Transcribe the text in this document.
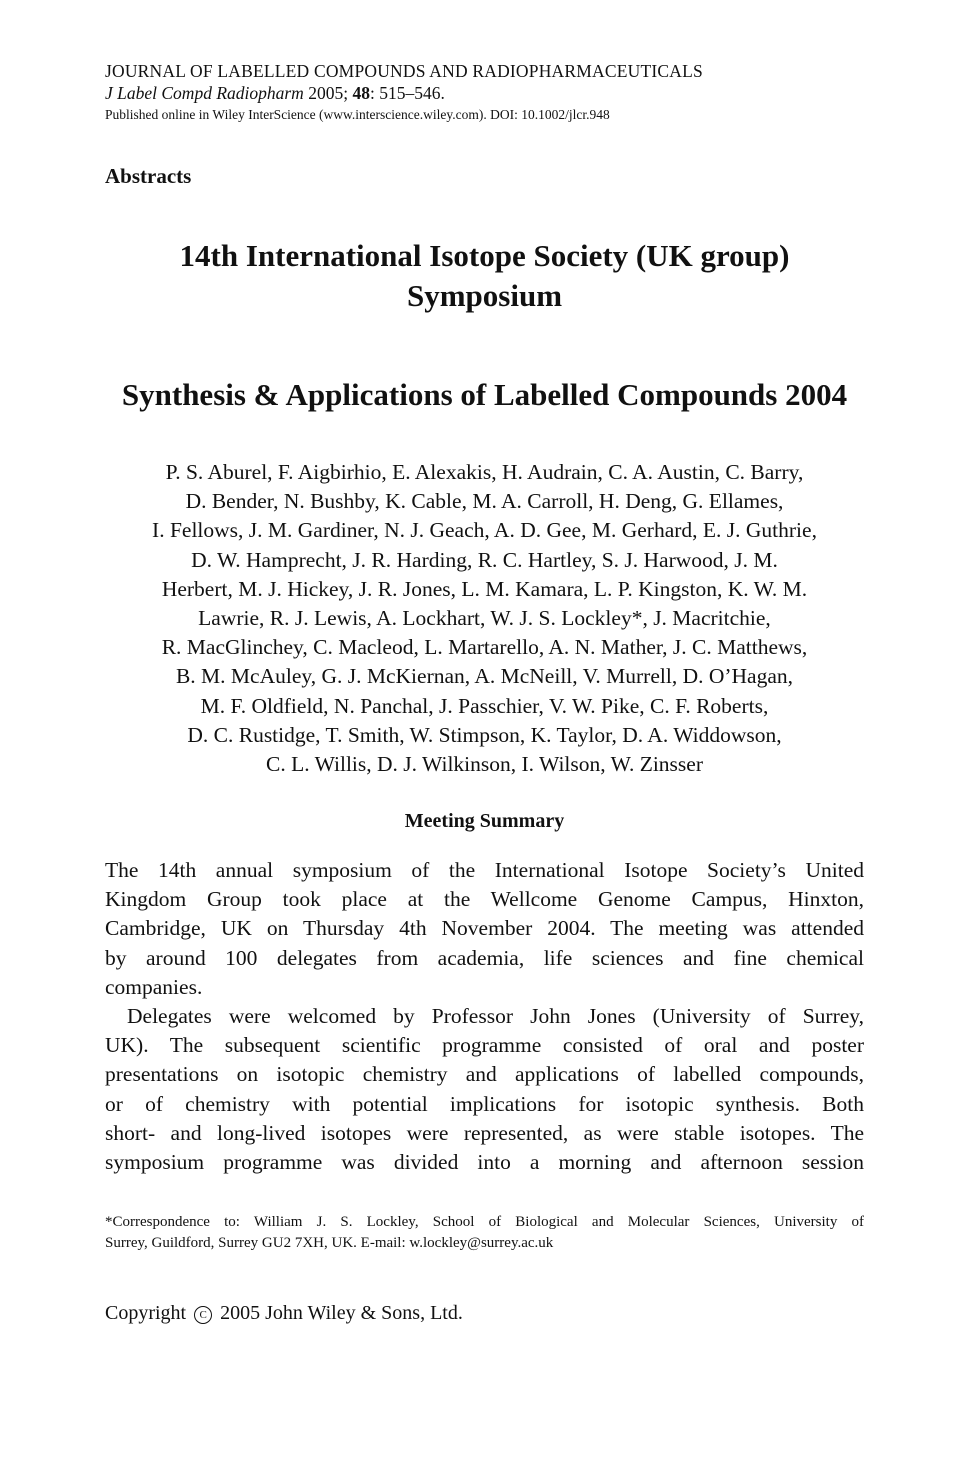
JOURNAL OF LABELLED COMPOUNDS AND RADIOPHARMACEUTICALS
J Label Compd Radiopharm 2005; 48: 515–546.
Published online in Wiley InterScience (www.interscience.wiley.com). DOI: 10.1002/jlcr.948
Abstracts
14th International Isotope Society (UK group)
Symposium
Synthesis & Applications of Labelled Compounds 2004
P. S. Aburel, F. Aigbirhio, E. Alexakis, H. Audrain, C. A. Austin, C. Barry,
D. Bender, N. Bushby, K. Cable, M. A. Carroll, H. Deng, G. Ellames,
I. Fellows, J. M. Gardiner, N. J. Geach, A. D. Gee, M. Gerhard, E. J. Guthrie,
D. W. Hamprecht, J. R. Harding, R. C. Hartley, S. J. Harwood, J. M.
Herbert, M. J. Hickey, J. R. Jones, L. M. Kamara, L. P. Kingston, K. W. M.
Lawrie, R. J. Lewis, A. Lockhart, W. J. S. Lockley*, J. Macritchie,
R. MacGlinchey, C. Macleod, L. Martarello, A. N. Mather, J. C. Matthews,
B. M. McAuley, G. J. McKiernan, A. McNeill, V. Murrell, D. O’Hagan,
M. F. Oldfield, N. Panchal, J. Passchier, V. W. Pike, C. F. Roberts,
D. C. Rustidge, T. Smith, W. Stimpson, K. Taylor, D. A. Widdowson,
C. L. Willis, D. J. Wilkinson, I. Wilson, W. Zinsser
Meeting Summary
The 14th annual symposium of the International Isotope Society’s United
Kingdom Group took place at the Wellcome Genome Campus, Hinxton,
Cambridge, UK on Thursday 4th November 2004. The meeting was attended
by around 100 delegates from academia, life sciences and fine chemical
companies.
Delegates were welcomed by Professor John Jones (University of Surrey,
UK). The subsequent scientific programme consisted of oral and poster
presentations on isotopic chemistry and applications of labelled compounds,
or of chemistry with potential implications for isotopic synthesis. Both
short- and long-lived isotopes were represented, as were stable isotopes. The
symposium programme was divided into a morning and afternoon session
*Correspondence to: William J. S. Lockley, School of Biological and Molecular Sciences, University of
Surrey, Guildford, Surrey GU2 7XH, UK. E-mail: w.lockley@surrey.ac.uk
Copyright C 2005 John Wiley & Sons, Ltd.
